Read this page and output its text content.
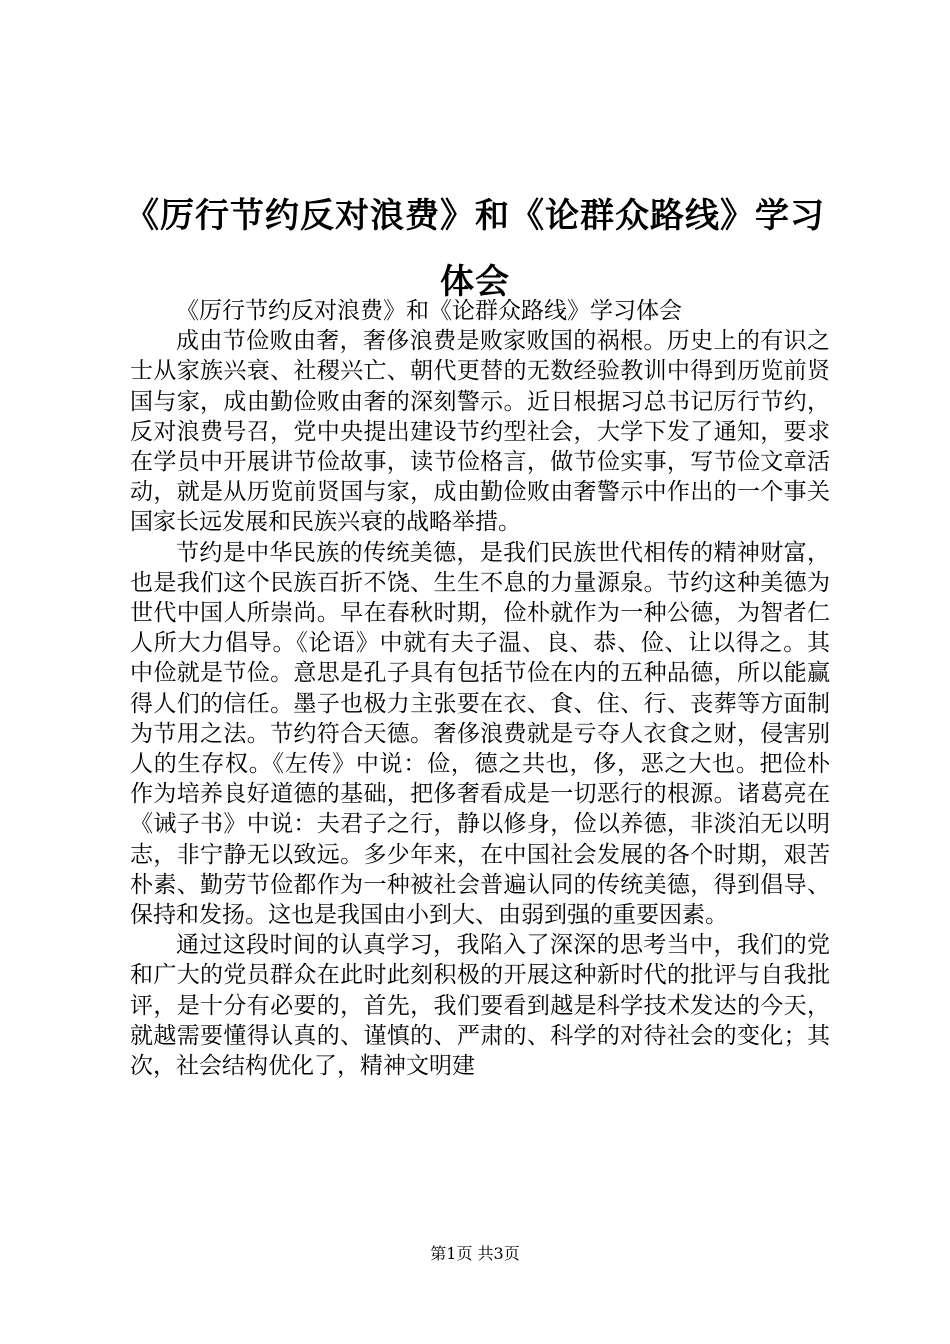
《厉行节约反对浪费》和《论群众路线》学习体会

《厉行节约反对浪费》和《论群众路线》学习体会

成由节俭败由奢，奢侈浪费是败家败国的祸根。历史上的有识之士从家族兴衰、社稷兴亡、朝代更替的无数经验教训中得到历览前贤国与家，成由勤俭败由奢的深刻警示。近日根据习总书记厉行节约，反对浪费号召，党中央提出建设节约型社会，大学下发了通知，要求在学员中开展讲节俭故事，读节俭格言，做节俭实事，写节俭文章活动，就是从历览前贤国与家，成由勤俭败由奢警示中作出的一个事关国家长远发展和民族兴衰的战略举措。

节约是中华民族的传统美德，是我们民族世代相传的精神财富，也是我们这个民族百折不饶、生生不息的力量源泉。节约这种美德为世代中国人所崇尚。早在春秋时期，俭朴就作为一种公德，为智者仁人所大力倡导。《论语》中就有夫子温、良、恭、俭、让以得之。其中俭就是节俭。意思是孔子具有包括节俭在内的五种品德，所以能赢得人们的信任。墨子也极力主张要在衣、食、住、行、丧葬等方面制为节用之法。节约符合天德。奢侈浪费就是亏夺人衣食之财，侵害别人的生存权。《左传》中说：俭，德之共也，侈，恶之大也。把俭朴作为培养良好道德的基础，把侈奢看成是一切恶行的根源。诸葛亮在《诫子书》中说：夫君子之行，静以修身，俭以养德，非淡泊无以明志，非宁静无以致远。多少年来，在中国社会发展的各个时期，艰苦朴素、勤劳节俭都作为一种被社会普遍认同的传统美德，得到倡导、保持和发扬。这也是我国由小到大、由弱到强的重要因素。

通过这段时间的认真学习，我陷入了深深的思考当中，我们的党和广大的党员群众在此时此刻积极的开展这种新时代的批评与自我批评，是十分有必要的，首先，我们要看到越是科学技术发达的今天，就越需要懂得认真的、谨慎的、严肃的、科学的对待社会的变化；其次，社会结构优化了，精神文明建

第1页 共3页
